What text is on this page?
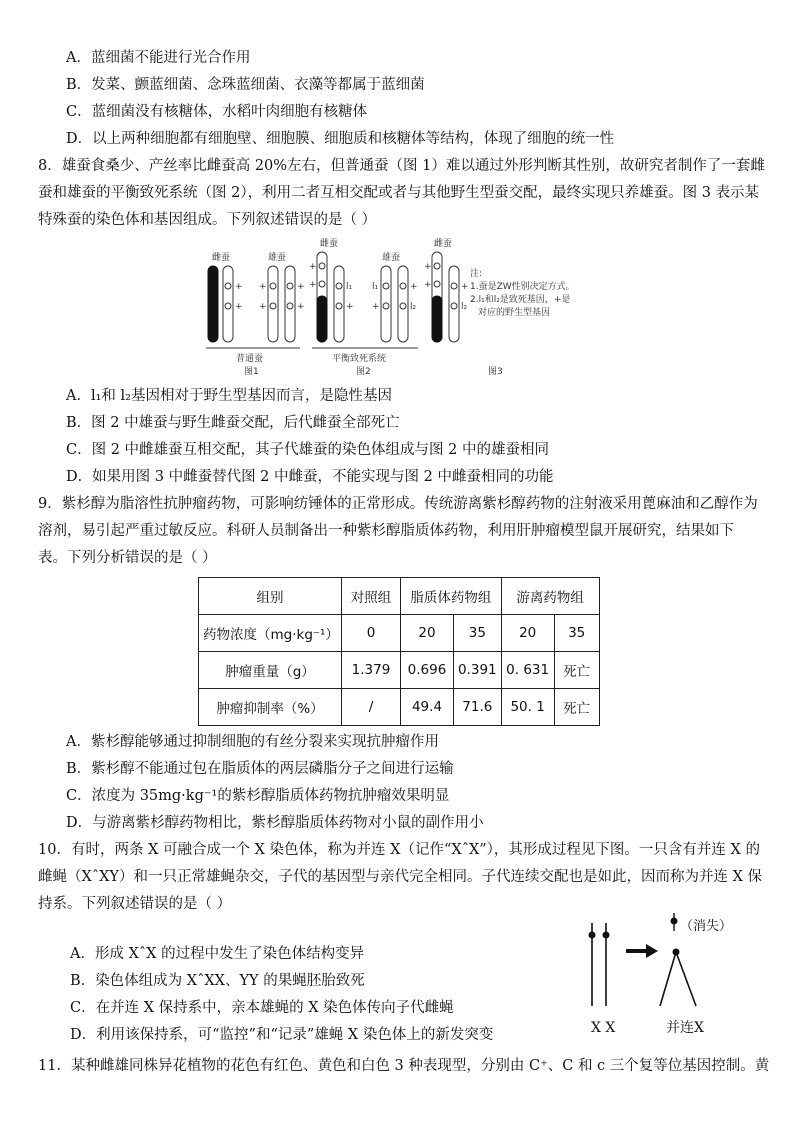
A．蓝细菌不能进行光合作用
B．发菜、颤蓝细菌、念珠蓝细菌、衣藻等都属于蓝细菌
C．蓝细菌没有核糖体，水稻叶肉细胞有核糖体
D．以上两种细胞都有细胞壁、细胞膜、细胞质和核糖体等结构，体现了细胞的统一性
8．雄蚕食桑少、产丝率比雌蚕高 20%左右，但普通蚕（图 1）难以通过外形判断其性别，故研究者制作了一套雌
蚕和雄蚕的平衡致死系统（图 2），利用二者互相交配或者与其他野生型蚕交配，最终实现只养雄蚕。图 3 表示某
特殊蚕的染色体和基因组成。下列叙述错误的是（ ）
雌蚕
+
+
雄蚕
+
+
+
+
普通蚕
图1
雌蚕
+
+	l₁
+
雄蚕
l₁
+
+
l₂
平衡致死系统
图2
雌蚕
+
+	+
l₂
图3
注:
1.蚕是ZW性别决定方式。
2.l₁和l₂是致死基因，+是
对应的野生型基因
A．l₁和 l₂基因相对于野生型基因而言，是隐性基因
B．图 2 中雄蚕与野生雌蚕交配，后代雌蚕全部死亡
C．图 2 中雌雄蚕互相交配，其子代雄蚕的染色体组成与图 2 中的雄蚕相同
D．如果用图 3 中雌蚕替代图 2 中雌蚕，不能实现与图 2 中雌蚕相同的功能
9．紫杉醇为脂溶性抗肿瘤药物，可影响纺锤体的正常形成。传统游离紫杉醇药物的注射液采用蓖麻油和乙醇作为
溶剂，易引起严重过敏反应。科研人员制备出一种紫杉醇脂质体药物，利用肝肿瘤模型鼠开展研究，结果如下
表。下列分析错误的是（ ）
组别	对照组	脂质体药物组		游离药物组	
药物浓度（mg·kg⁻¹）	0	20	35	20	35
肿瘤重量（g）	1.379	0.696	0.391	0. 631	死亡
肿瘤抑制率（%）	/	49.4	71.6	50. 1	死亡
A．紫杉醇能够通过抑制细胞的有丝分裂来实现抗肿瘤作用
B．紫杉醇不能通过包在脂质体的两层磷脂分子之间进行运输
C．浓度为 35mg·kg⁻¹的紫杉醇脂质体药物抗肿瘤效果明显
D．与游离紫杉醇药物相比，紫杉醇脂质体药物对小鼠的副作用小
10．有时，两条 X 可融合成一个 X 染色体，称为并连 X（记作“XˆX”），其形成过程见下图。一只含有并连 X 的
雌蝇（XˆXY）和一只正常雄蝇杂交，子代的基因型与亲代完全相同。子代连续交配也是如此，因而称为并连 X 保
持系。下列叙述错误的是（ ）
A．形成 XˆX 的过程中发生了染色体结构变异
B．染色体组成为 XˆXX、YY 的果蝇胚胎致死
C．在并连 X 保持系中，亲本雄蝇的 X 染色体传向子代雌蝇
D．利用该保持系，可“监控”和“记录”雄蝇 X 染色体上的新发突变	X X
（消失）
并连X
11．某种雌雄同株异花植物的花色有红色、黄色和白色 3 种表现型，分别由 C⁺、C 和 c 三个复等位基因控制。黄
